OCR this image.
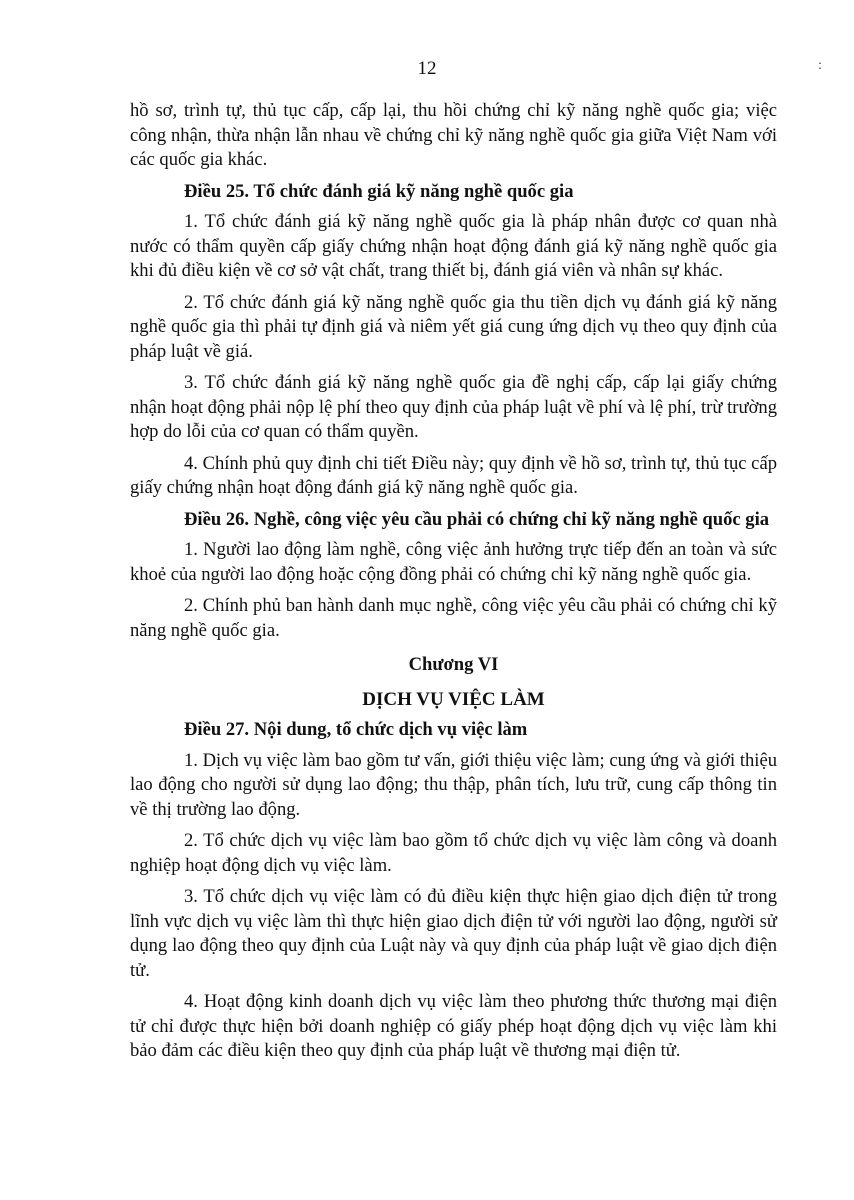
12	:

hồ sơ, trình tự, thủ tục cấp, cấp lại, thu hồi chứng chỉ kỹ năng nghề quốc gia; việc công nhận, thừa nhận lẫn nhau về chứng chỉ kỹ năng nghề quốc gia giữa Việt Nam với các quốc gia khác.

Điều 25. Tổ chức đánh giá kỹ năng nghề quốc gia

1. Tổ chức đánh giá kỹ năng nghề quốc gia là pháp nhân được cơ quan nhà nước có thẩm quyền cấp giấy chứng nhận hoạt động đánh giá kỹ năng nghề quốc gia khi đủ điều kiện về cơ sở vật chất, trang thiết bị, đánh giá viên và nhân sự khác.

2. Tổ chức đánh giá kỹ năng nghề quốc gia thu tiền dịch vụ đánh giá kỹ năng nghề quốc gia thì phải tự định giá và niêm yết giá cung ứng dịch vụ theo quy định của pháp luật về giá.

3. Tổ chức đánh giá kỹ năng nghề quốc gia đề nghị cấp, cấp lại giấy chứng nhận hoạt động phải nộp lệ phí theo quy định của pháp luật về phí và lệ phí, trừ trường hợp do lỗi của cơ quan có thẩm quyền.

4. Chính phủ quy định chi tiết Điều này; quy định về hồ sơ, trình tự, thủ tục cấp giấy chứng nhận hoạt động đánh giá kỹ năng nghề quốc gia.

Điều 26. Nghề, công việc yêu cầu phải có chứng chỉ kỹ năng nghề quốc gia

1. Người lao động làm nghề, công việc ảnh hưởng trực tiếp đến an toàn và sức khoẻ của người lao động hoặc cộng đồng phải có chứng chỉ kỹ năng nghề quốc gia.

2. Chính phủ ban hành danh mục nghề, công việc yêu cầu phải có chứng chỉ kỹ năng nghề quốc gia.

Chương VI
DỊCH VỤ VIỆC LÀM
Điều 27. Nội dung, tổ chức dịch vụ việc làm

1. Dịch vụ việc làm bao gồm tư vấn, giới thiệu việc làm; cung ứng và giới thiệu lao động cho người sử dụng lao động; thu thập, phân tích, lưu trữ, cung cấp thông tin về thị trường lao động.

2. Tổ chức dịch vụ việc làm bao gồm tổ chức dịch vụ việc làm công và doanh nghiệp hoạt động dịch vụ việc làm.

3. Tổ chức dịch vụ việc làm có đủ điều kiện thực hiện giao dịch điện tử trong lĩnh vực dịch vụ việc làm thì thực hiện giao dịch điện tử với người lao động, người sử dụng lao động theo quy định của Luật này và quy định của pháp luật về giao dịch điện tử.

4. Hoạt động kinh doanh dịch vụ việc làm theo phương thức thương mại điện tử chỉ được thực hiện bởi doanh nghiệp có giấy phép hoạt động dịch vụ việc làm khi bảo đảm các điều kiện theo quy định của pháp luật về thương mại điện tử.
